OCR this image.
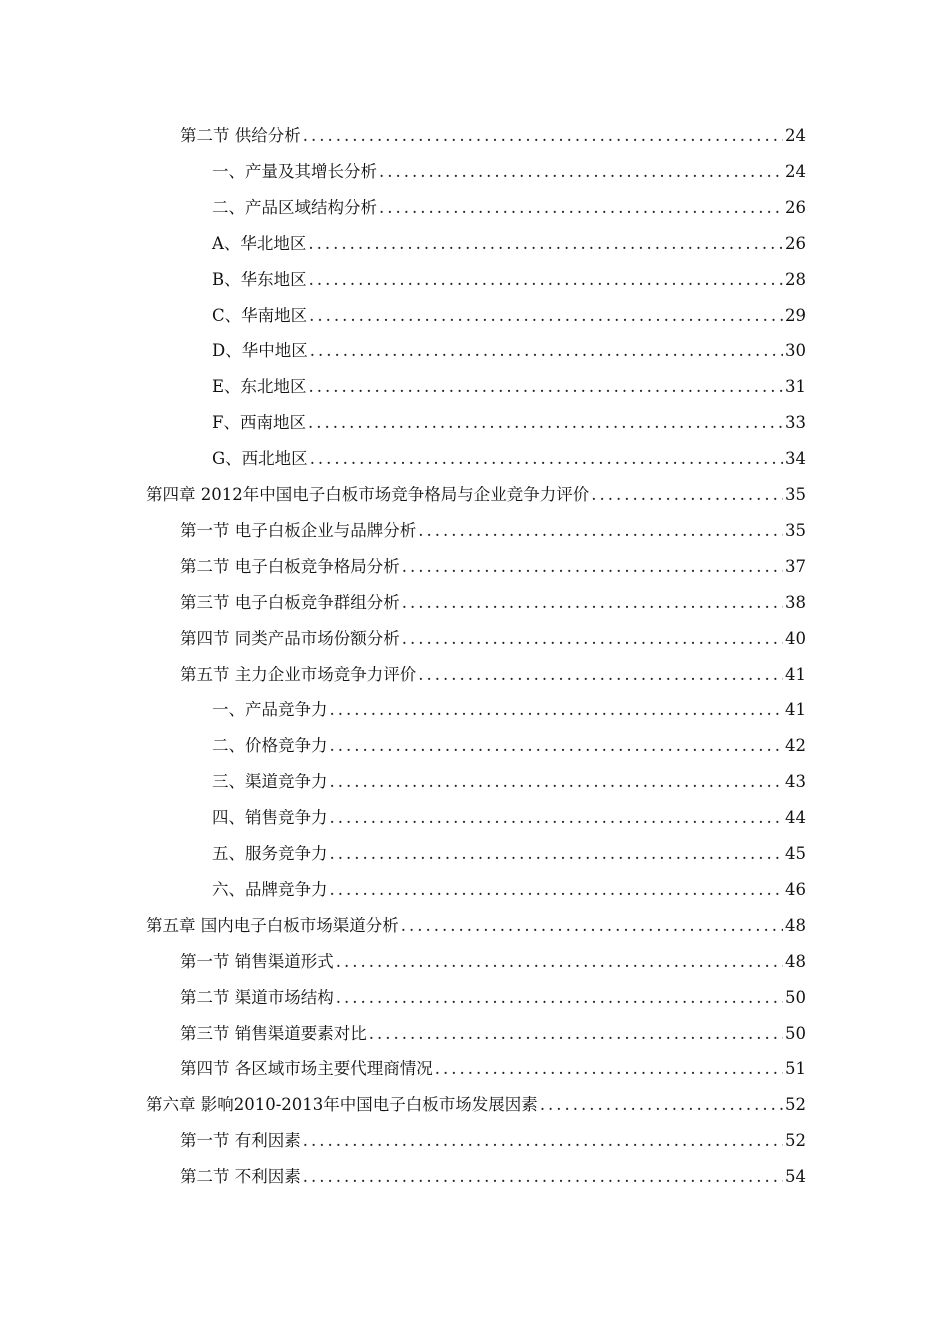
第二节 供给分析 .....	24
一、产量及其增长分析 .....	24
二、产品区域结构分析 .....	26
A、华北地区 .....	26
B、华东地区 .....	28
C、华南地区 .....	29
D、华中地区 .....	30
E、东北地区 .....	31
F、西南地区 .....	33
G、西北地区 .....	34
第四章 2012年中国电子白板市场竞争格局与企业竞争力评价 .....	35
第一节 电子白板企业与品牌分析 .....	35
第二节 电子白板竞争格局分析 .....	37
第三节 电子白板竞争群组分析 .....	38
第四节 同类产品市场份额分析 .....	40
第五节 主力企业市场竞争力评价 .....	41
一、产品竞争力 .....	41
二、价格竞争力 .....	42
三、渠道竞争力 .....	43
四、销售竞争力 .....	44
五、服务竞争力 .....	45
六、品牌竞争力 .....	46
第五章 国内电子白板市场渠道分析 .....	48
第一节 销售渠道形式 .....	48
第二节 渠道市场结构 .....	50
第三节 销售渠道要素对比 .....	50
第四节 各区域市场主要代理商情况 .....	51
第六章 影响2010-2013年中国电子白板市场发展因素 .....	52
第一节 有利因素 .....	52
第二节 不利因素 .....	54
